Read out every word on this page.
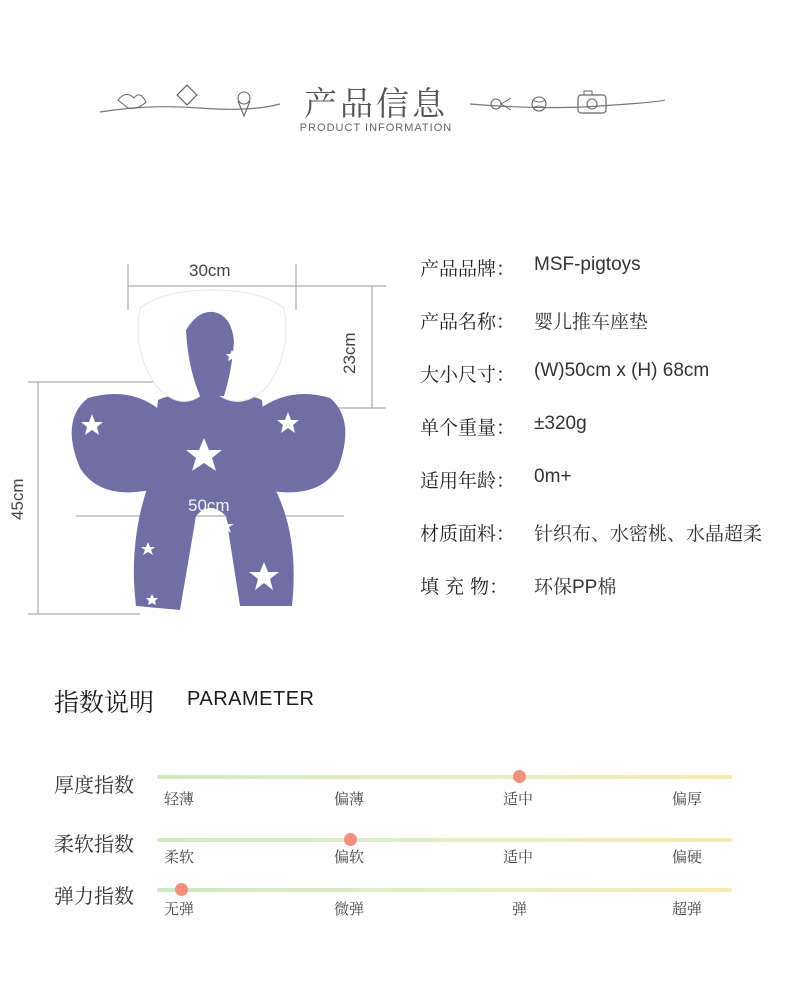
产品信息
PRODUCT INFORMATION
30cm
50cm
23cm
45cm
产品品牌： MSF-pigtoys
产品名称： 婴儿推车座垫
大小尺寸： (W)50cm x (H) 68cm
单个重量： ±320g
适用年龄： 0m+
材质面料： 针织布、水密桃、水晶超柔
填 充 物： 环保PP棉
指数说明 PARAMETER
厚度指数
轻薄	偏薄	适中	偏厚
柔软指数
柔软	偏软	适中	偏硬
弹力指数
无弹	微弹	弹	超弹
